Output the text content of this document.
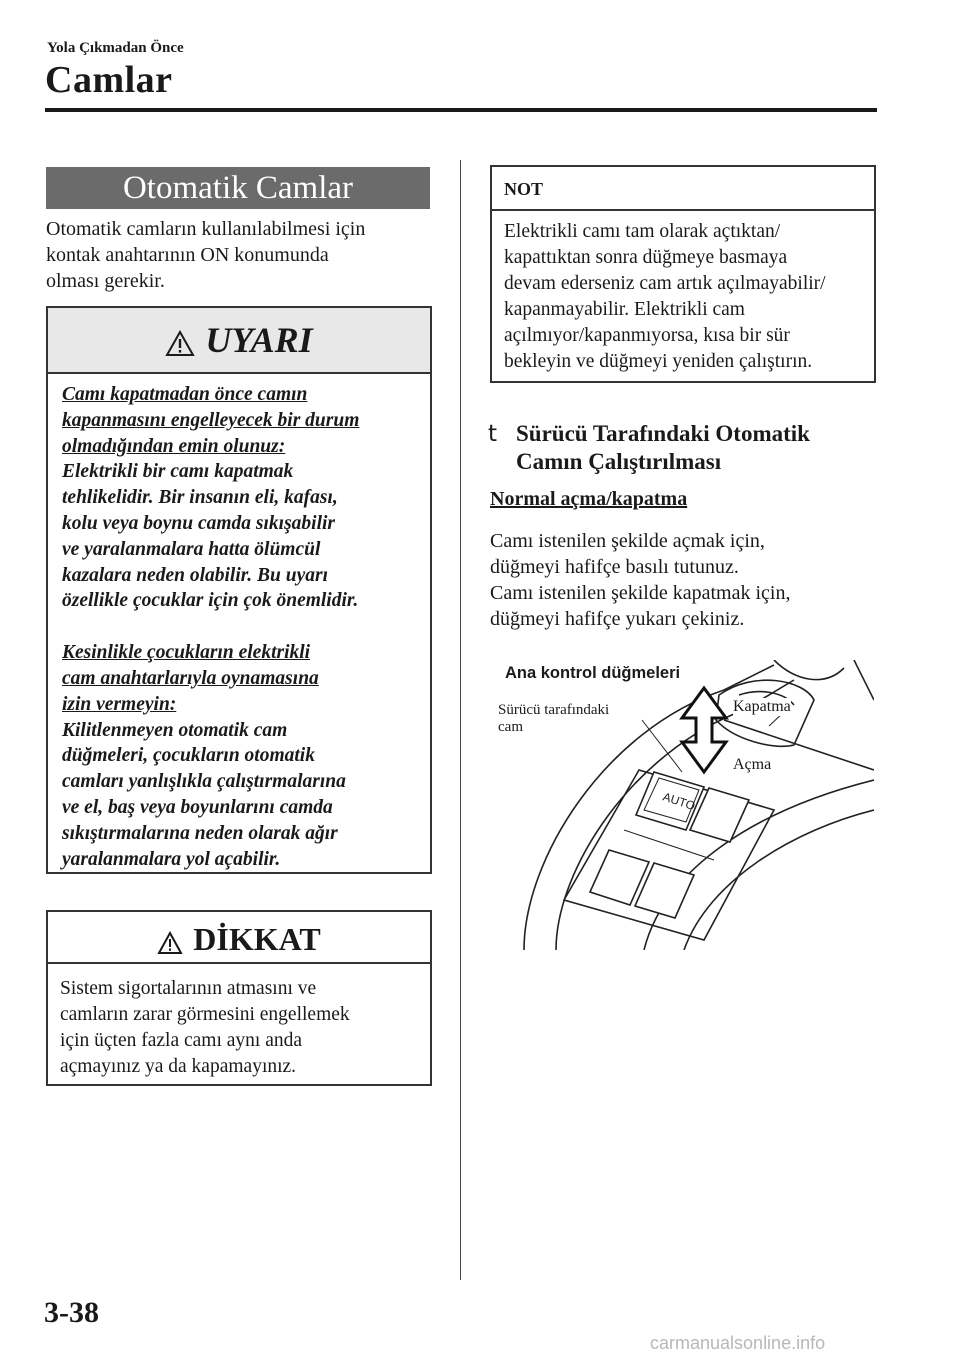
Yola Çıkmadan Önce
Camlar
Otomatik Camlar
Otomatik camların kullanılabilmesi için
kontak anahtarının ON konumunda
olması gerekir.
UYARI
Camı kapatmadan önce camın
kapanmasını engelleyecek bir durum
olmadığından emin olunuz:
Elektrikli bir camı kapatmak
tehlikelidir. Bir insanın eli, kafası,
kolu veya boynu camda sıkışabilir
ve yaralanmalara hatta ölümcül
kazalara neden olabilir. Bu uyarı
özellikle çocuklar için çok önemlidir.
Kesinlikle çocukların elektrikli
cam anahtarlarıyla oynamasına
izin vermeyin:
Kilitlenmeyen otomatik cam
düğmeleri, çocukların otomatik
camları yanlışlıkla çalıştırmalarına
ve el, baş veya boyunlarını camda
sıkıştırmalarına neden olarak ağır
yaralanmalara yol açabilir.
DİKKAT
Sistem sigortalarının atmasını ve
camların zarar görmesini engellemek
için üçten fazla camı aynı anda
açmayınız ya da kapamayınız.
NOT
Elektrikli camı tam olarak açtıktan/
kapattıktan sonra düğmeye basmaya
devam ederseniz cam artık açılmayabilir/
kapanmayabilir. Elektrikli cam
açılmıyor/kapanmıyorsa, kısa bir sür
bekleyin ve düğmeyi yeniden çalıştırın.
t Sürücü Tarafındaki Otomatik
Camın Çalıştırılması
Normal açma/kapatma
Camı istenilen şekilde açmak için,
düğmeyi hafifçe basılı tutunuz.
Camı istenilen şekilde kapatmak için,
düğmeyi hafifçe yukarı çekiniz.
AUTO
Ana kontrol düğmeleri
Sürücü tarafındaki
cam
Kapatma
Açma
3-38
carmanualsonline.info
